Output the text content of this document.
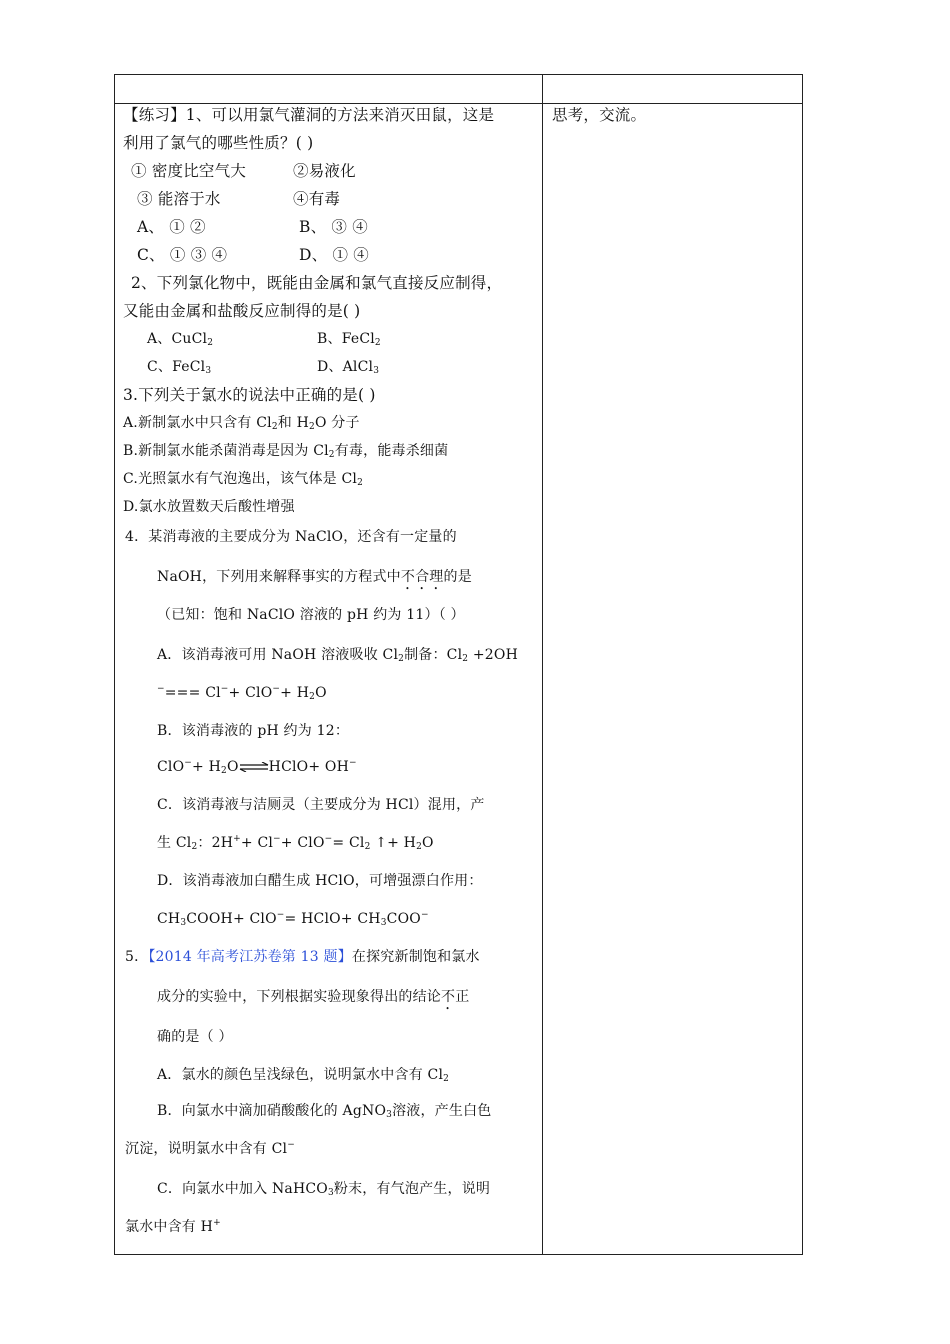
思考，交流。
【练习】1、可以用氯气灌洞的方法来消灭田鼠，这是
利用了氯气的哪些性质？( )
① 密度比空气大	②易液化
③ 能溶于水	④有毒
A、 ① ②	B、 ③ ④
C、 ① ③ ④	D、 ① ④
2、下列氯化物中，既能由金属和氯气直接反应制得，
又能由金属和盐酸反应制得的是( )
A、CuCl$_2$	B、FeCl$_2$
C、FeCl$_3$	D、AlCl$_3$
3.下列关于氯水的说法中正确的是( )
A.新制氯水中只含有 $Cl_2$和 $H_2O$ 分子
B.新制氯水能杀菌消毒是因为 $Cl_2$有毒，能毒杀细菌
C.光照氯水有气泡逸出，该气体是 $Cl_2$
D.氯水放置数天后酸性增强
4．某消毒液的主要成分为 NaClO，还含有一定量的
NaOH，下列用来解释事实的方程式中不合理的是
（已知：饱和 NaClO 溶液的 pH 约为 11）（ ）
A．该消毒液可用 NaOH 溶液吸收 $Cl_2$制备：$Cl_2 +2OH$
$^-=== Cl^-+ ClO^-+ H_2O$
B．该消毒液的 pH 约为 12：
$ClO^-+ H_2O\rightleftharpoons HClO+ OH^-$
C．该消毒液与洁厕灵（主要成分为 HCl）混用，产
生 $Cl_2$：$2H^++ Cl^-+ ClO^-= Cl_2$ ↑+ $H_2O$
D．该消毒液加白醋生成 HClO，可增强漂白作用：
$CH_3COOH+ ClO^-=$ HClO+ $CH_3COO^-$
5．【2014 年高考江苏卷第 13 题】在探究新制饱和氯水
成分的实验中，下列根据实验现象得出的结论不正
确的是（ ）
A．氯水的颜色呈浅绿色，说明氯水中含有 $Cl_2$
B．向氯水中滴加硝酸酸化的 AgNO$_3$溶液，产生白色
沉淀，说明氯水中含有 Cl−
C．向氯水中加入 NaHCO$_3$粉末，有气泡产生，说明
氯水中含有 H+
